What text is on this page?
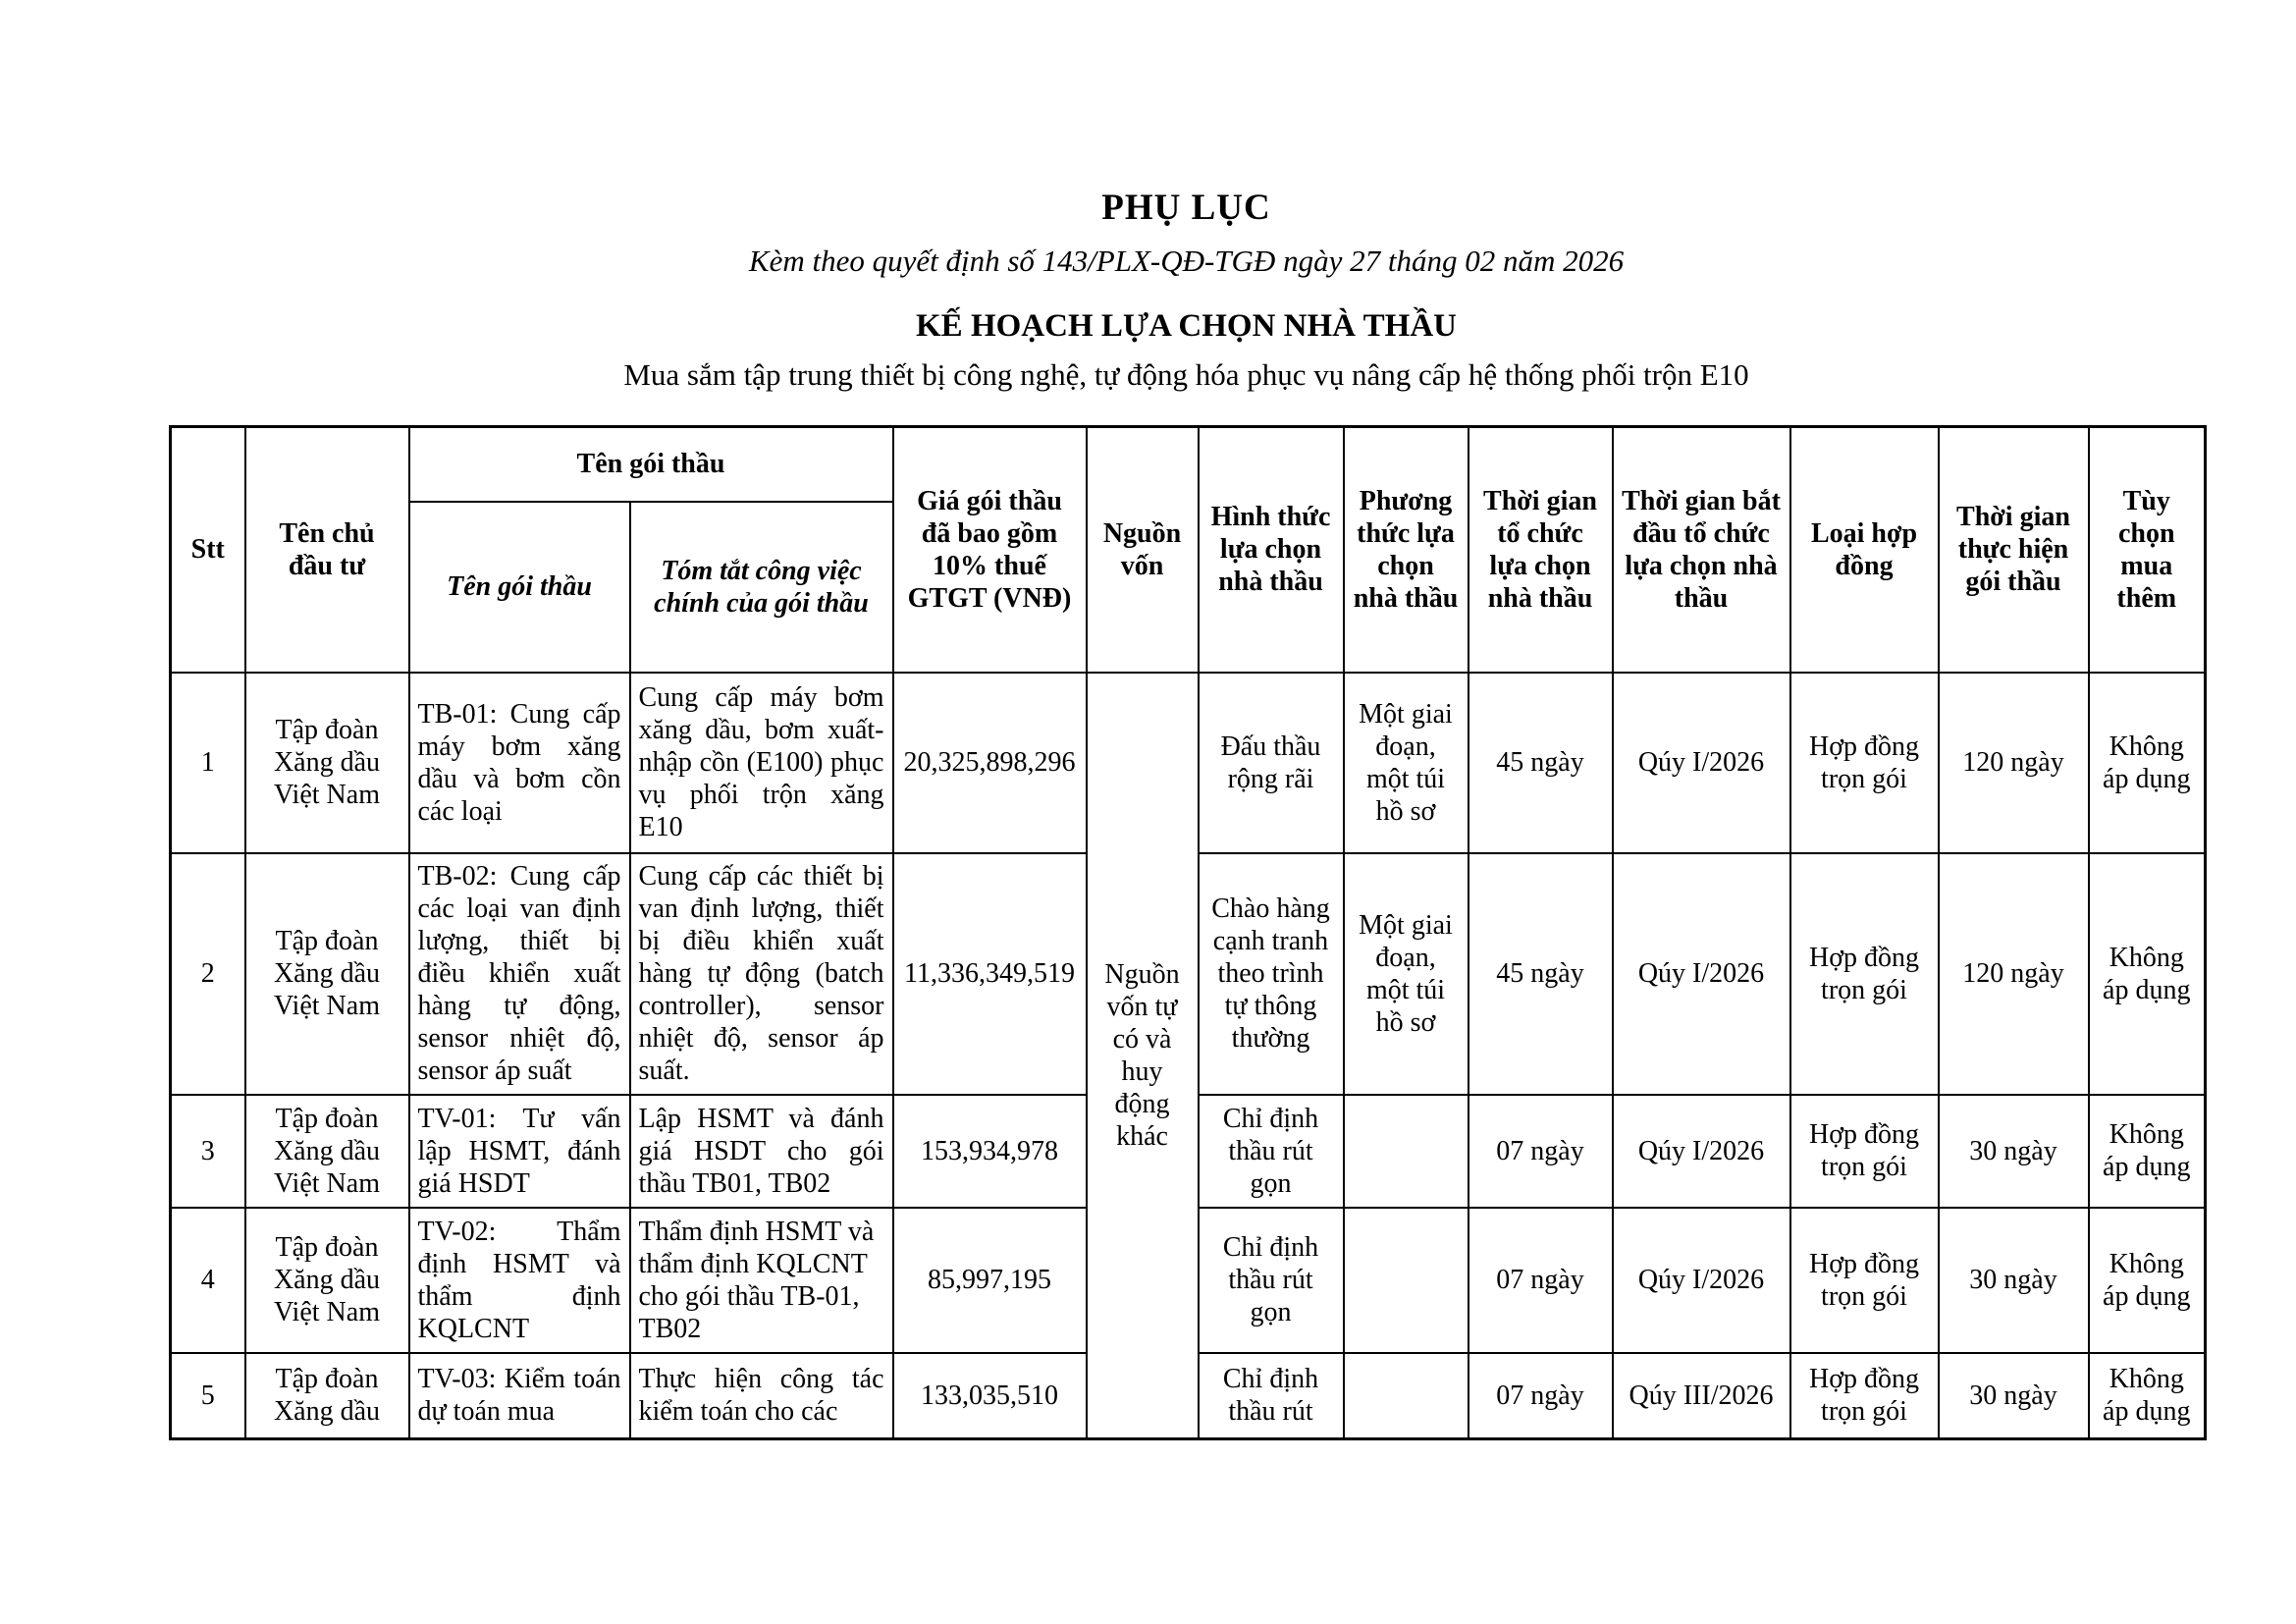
PHỤ LỤC
Kèm theo quyết định số 143/PLX-QĐ-TGĐ ngày 27 tháng 02 năm 2026
KẾ HOẠCH LỰA CHỌN NHÀ THẦU
Mua sắm tập trung thiết bị công nghệ, tự động hóa phục vụ nâng cấp hệ thống phối trộn E10
Stt	Tên chủ đầu tư	Tên gói thầu		Giá gói thầu đã bao gồm 10% thuế GTGT (VNĐ)	Nguồn vốn	Hình thức lựa chọn nhà thầu	Phương thức lựa chọn nhà thầu	Thời gian tổ chức lựa chọn nhà thầu	Thời gian bắt đầu tổ chức lựa chọn nhà thầu	Loại hợp đồng	Thời gian thực hiện gói thầu	Tùy chọn mua thêm
		Tên gói thầu	Tóm tắt công việc chính của gói thầu									

1	Tập đoàn Xăng dầu Việt Nam	TB-01: Cung cấp máy bơm xăng dầu và bơm cồn các loại	Cung cấp máy bơm xăng dầu, bơm xuất-nhập cồn (E100) phục vụ phối trộn xăng E10	20,325,898,296	Nguồn vốn tự có và huy động khác	Đấu thầu rộng rãi	Một giai đoạn, một túi hồ sơ	45 ngày	Qúy I/2026	Hợp đồng trọn gói	120 ngày	Không áp dụng

2	Tập đoàn Xăng dầu Việt Nam	TB-02: Cung cấp các loại van định lượng, thiết bị điều khiển xuất hàng tự động, sensor nhiệt độ, sensor áp suất	Cung cấp các thiết bị van định lượng, thiết bị điều khiển xuất hàng tự động (batch controller), sensor nhiệt độ, sensor áp suất.	11,336,349,519		Chào hàng cạnh tranh theo trình tự thông thường	Một giai đoạn, một túi hồ sơ	45 ngày	Qúy I/2026	Hợp đồng trọn gói	120 ngày	Không áp dụng

3	Tập đoàn Xăng dầu Việt Nam	TV-01: Tư vấn lập HSMT, đánh giá HSDT	Lập HSMT và đánh giá HSDT cho gói thầu TB01, TB02	153,934,978		Chỉ định thầu rút gọn		07 ngày	Qúy I/2026	Hợp đồng trọn gói	30 ngày	Không áp dụng

4	Tập đoàn Xăng dầu Việt Nam	TV-02: Thẩm định HSMT và thẩm định KQLCNT	Thẩm định HSMT và thẩm định KQLCNT cho gói thầu TB-01, TB02	85,997,195		Chỉ định thầu rút gọn		07 ngày	Qúy I/2026	Hợp đồng trọn gói	30 ngày	Không áp dụng

5	Tập đoàn Xăng dầu	TV-03: Kiểm toán dự toán mua	Thực hiện công tác kiểm toán cho các	133,035,510		Chỉ định thầu rút		07 ngày	Qúy III/2026	Hợp đồng trọn gói	30 ngày	Không áp dụng
